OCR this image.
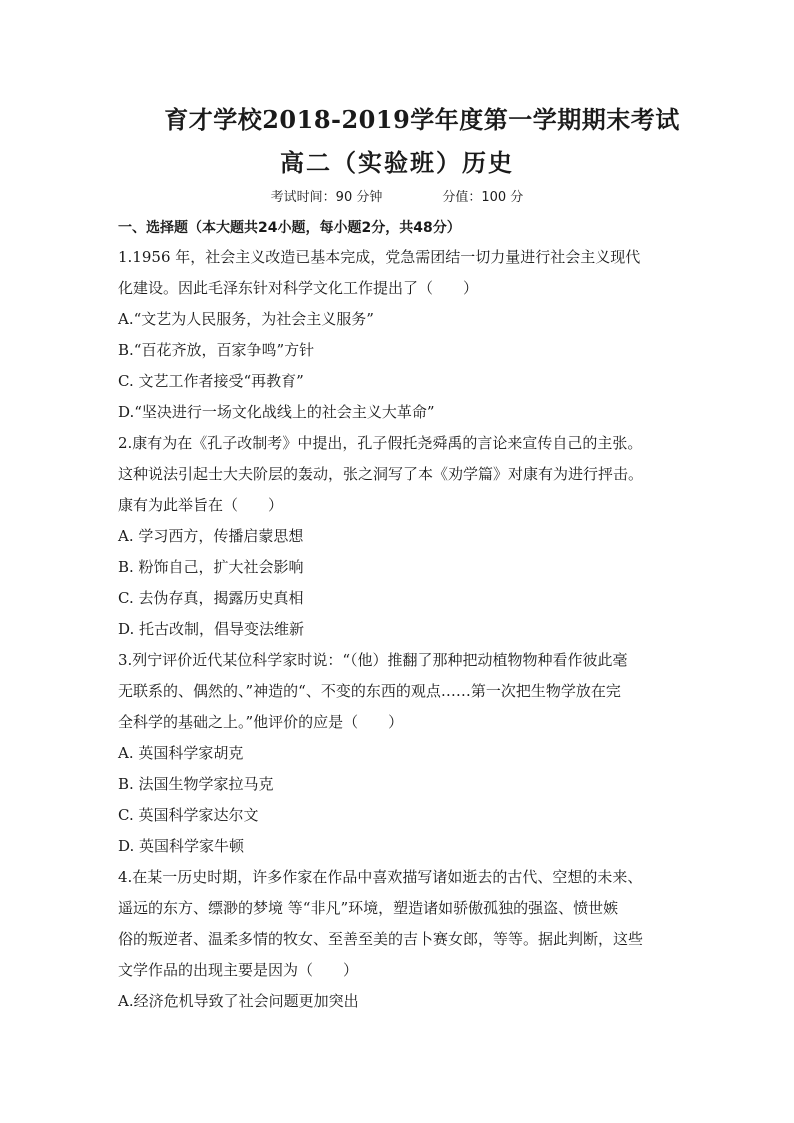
育才学校2018-2019学年度第一学期期末考试
高二（实验班）历史
考试时间：90 分钟	分值：100 分
一、选择题（本大题共24小题，每小题2分，共48分）
1.1956 年，社会主义改造已基本完成，党急需团结一切力量进行社会主义现代
化建设。因此毛泽东针对科学文化工作提出了（　　）
A.“文艺为人民服务，为社会主义服务”
B.“百花齐放，百家争鸣”方针
C. 文艺工作者接受“再教育”
D.“坚决进行一场文化战线上的社会主义大革命”
2.康有为在《孔子改制考》中提出，孔子假托尧舜禹的言论来宣传自己的主张。
这种说法引起士大夫阶层的轰动，张之洞写了本《劝学篇》对康有为进行抨击。
康有为此举旨在（　　）
A. 学习西方，传播启蒙思想
B. 粉饰自己，扩大社会影响
C. 去伪存真，揭露历史真相
D. 托古改制，倡导变法维新
3.列宁评价近代某位科学家时说：“（他）推翻了那种把动植物物种看作彼此毫
无联系的、偶然的、”神造的“、不变的东西的观点……第一次把生物学放在完
全科学的基础之上。”他评价的应是（　　）
A. 英国科学家胡克
B. 法国生物学家拉马克
C. 英国科学家达尔文
D. 英国科学家牛顿
4.在某一历史时期，许多作家在作品中喜欢描写诸如逝去的古代、空想的未来、
遥远的东方、缥渺的梦境 等“非凡”环境，塑造诸如骄傲孤独的强盗、愤世嫉
俗的叛逆者、温柔多情的牧女、至善至美的吉卜赛女郎，等等。据此判断，这些
文学作品的出现主要是因为（　　）
A.经济危机导致了社会问题更加突出
